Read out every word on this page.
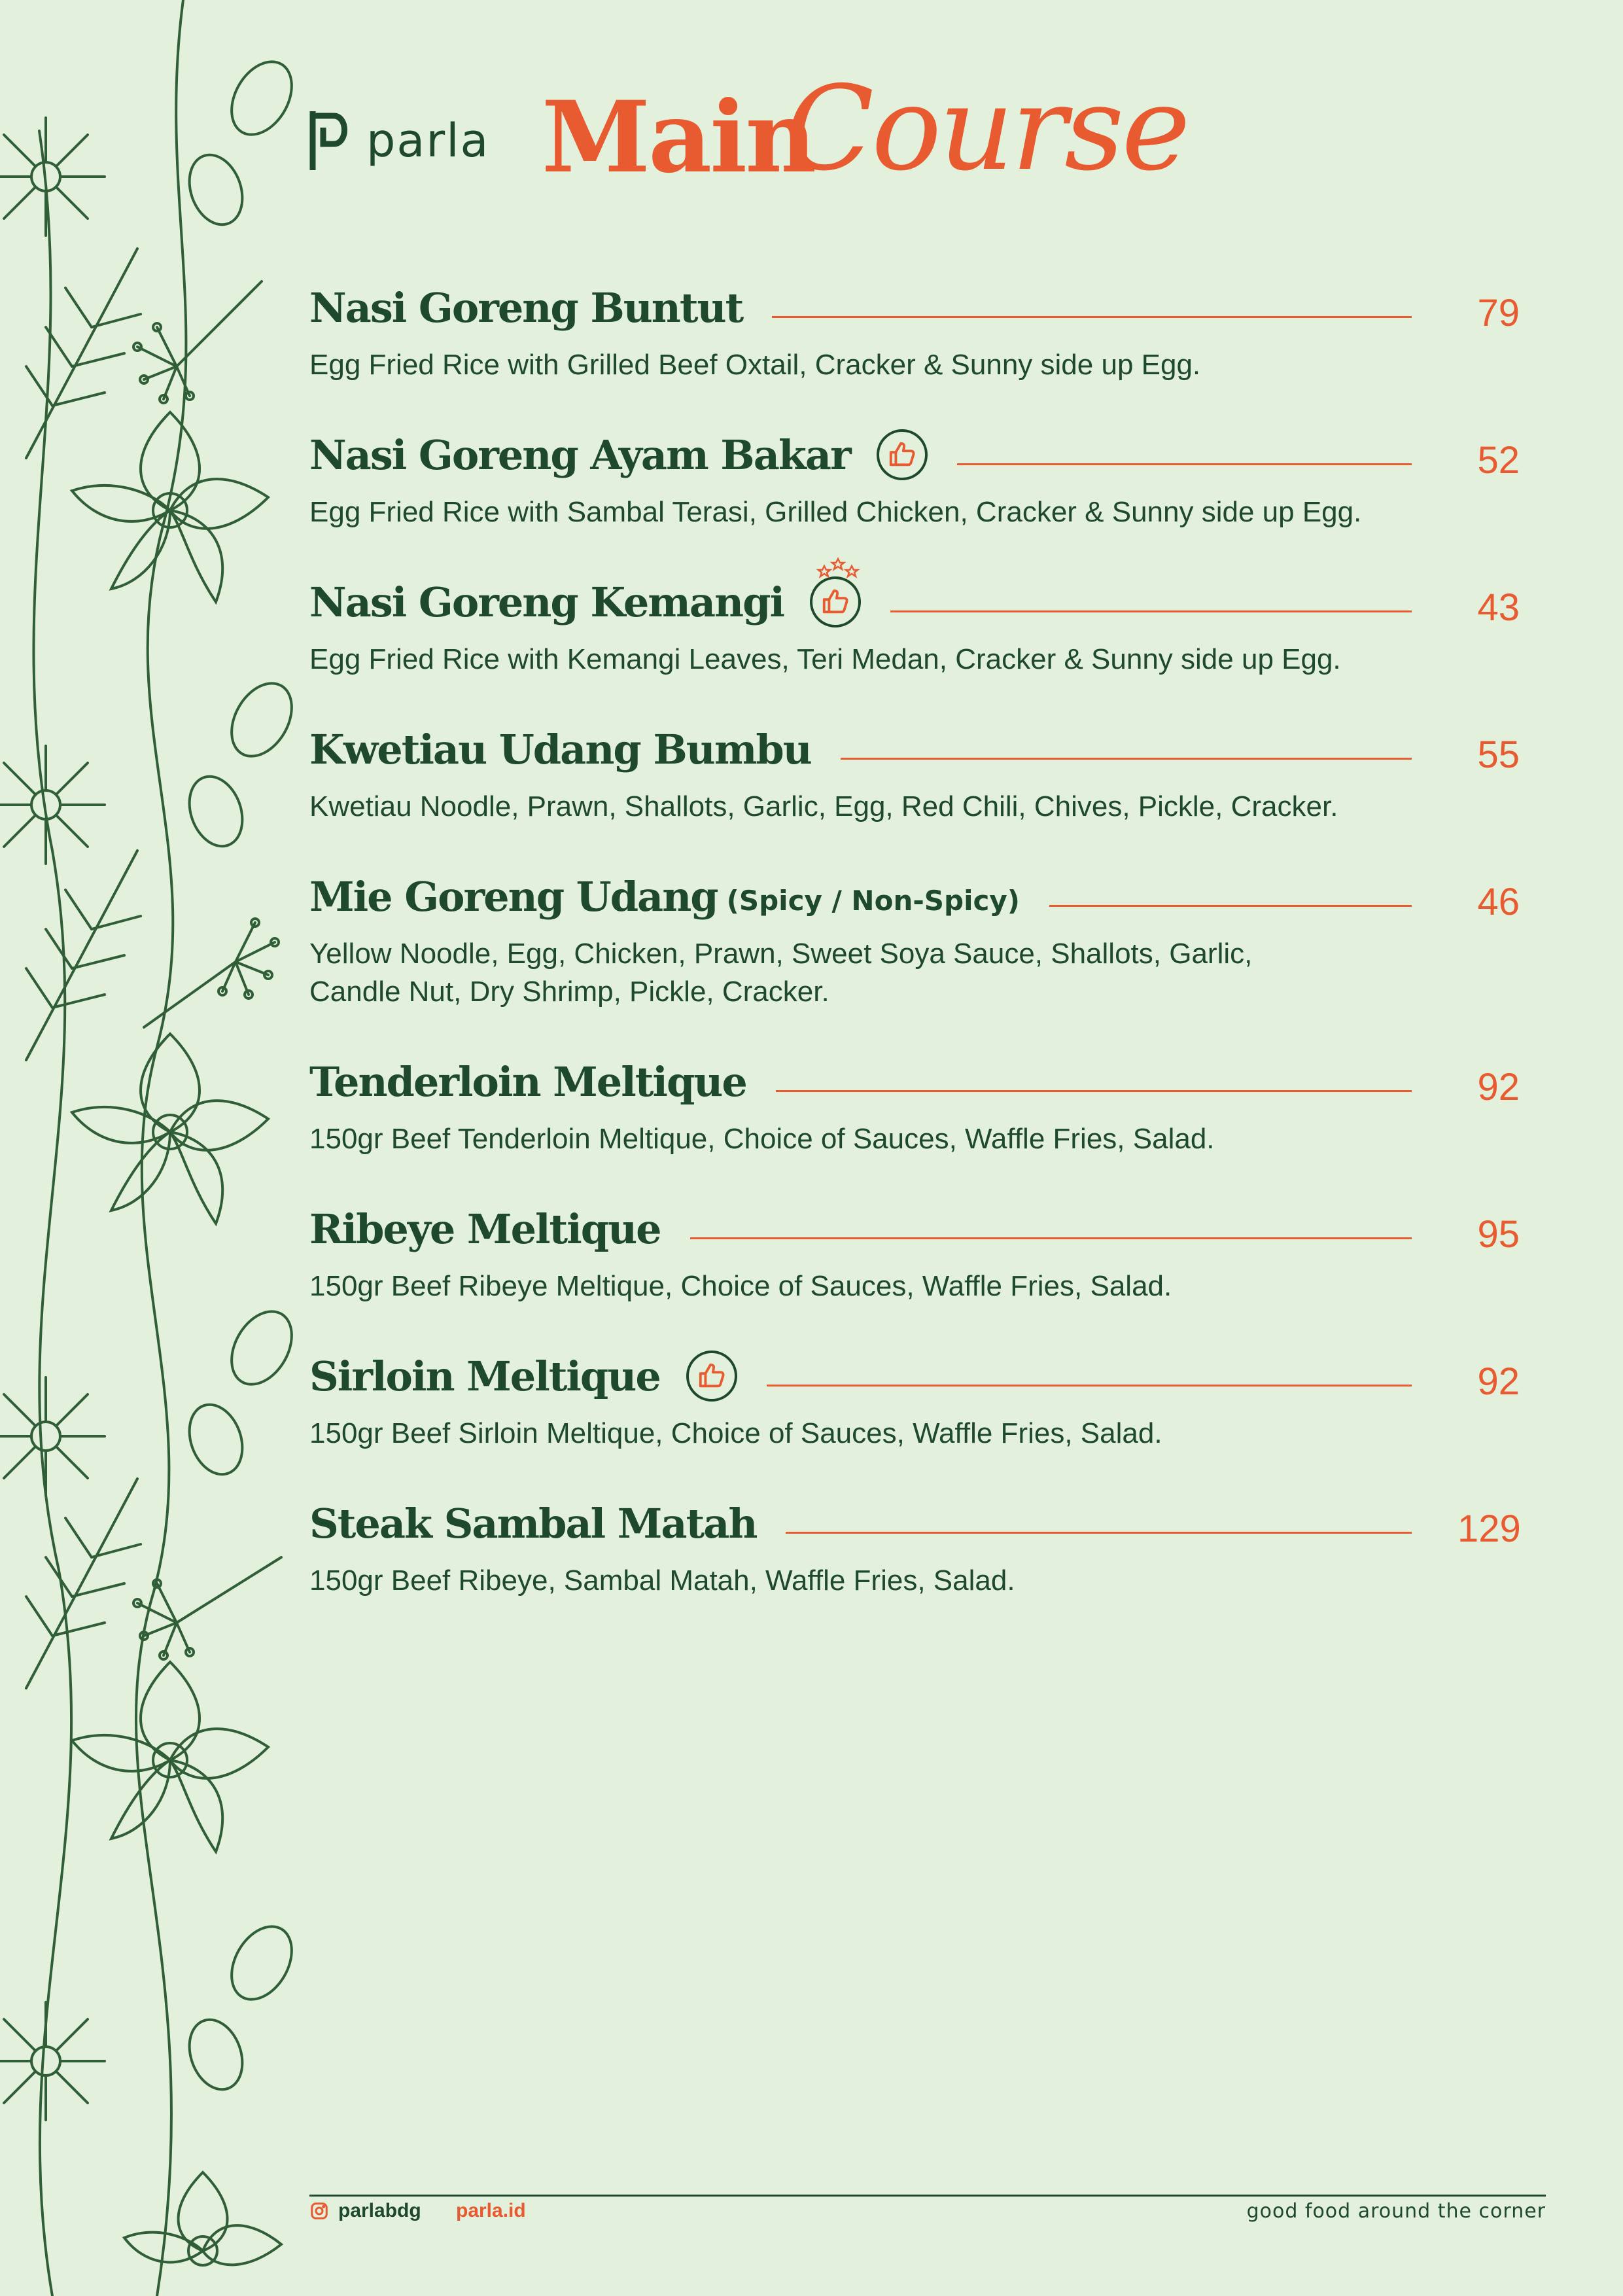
parla Main
Course
Nasi Goreng Buntut	79
Egg Fried Rice with Grilled Beef Oxtail, Cracker & Sunny side up Egg.
Nasi Goreng Ayam Bakar	52
Egg Fried Rice with Sambal Terasi, Grilled Chicken, Cracker & Sunny side up Egg.
Nasi Goreng Kemangi	43
Egg Fried Rice with Kemangi Leaves, Teri Medan, Cracker & Sunny side up Egg.
Kwetiau Udang Bumbu	55
Kwetiau Noodle, Prawn, Shallots, Garlic, Egg, Red Chili, Chives, Pickle, Cracker.
Mie Goreng Udang (Spicy / Non-Spicy)	46
Yellow Noodle, Egg, Chicken, Prawn, Sweet Soya Sauce, Shallots, Garlic, Candle Nut, Dry Shrimp, Pickle, Cracker.
Tenderloin Meltique	92
150gr Beef Tenderloin Meltique, Choice of Sauces, Waffle Fries, Salad.
Ribeye Meltique	95
150gr Beef Ribeye Meltique, Choice of Sauces, Waffle Fries, Salad.
Sirloin Meltique	92
150gr Beef Sirloin Meltique, Choice of Sauces, Waffle Fries, Salad.
Steak Sambal Matah	129
150gr Beef Ribeye, Sambal Matah, Waffle Fries, Salad.
parlabdg parla.id	good food around the corner
